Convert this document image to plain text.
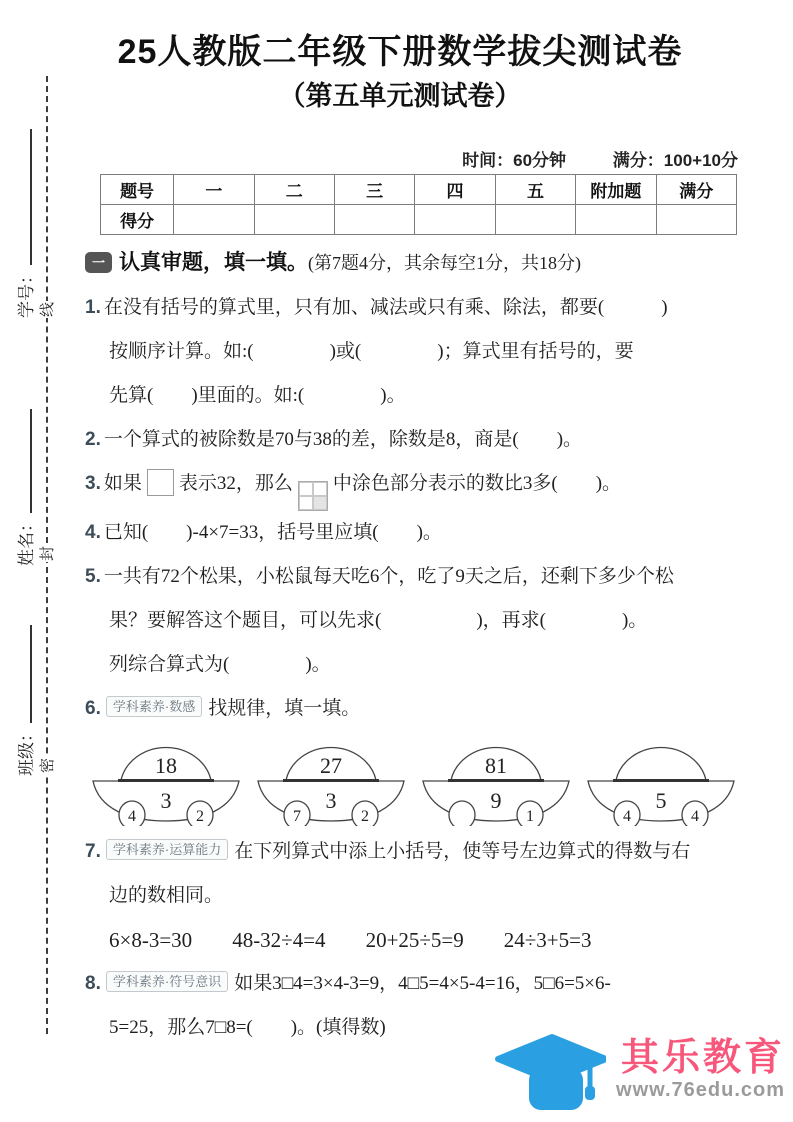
25人教版二年级下册数学拔尖测试卷
（第五单元测试卷）
时间：60分钟	满分：100+10分
题号	一	二	三	四	五	附加题	满分
得分							
线
封
密
学号：
姓名：
班级：
一 认真审题，填一填。(第7题4分，其余每空1分，共18分)
1. 在没有括号的算式里，只有加、减法或只有乘、除法，都要(　　　)
按顺序计算。如:(　　　　)或(　　　　)；算式里有括号的，要
先算(　　)里面的。如:(　　　　)。
2. 一个算式的被除数是70与38的差，除数是8，商是(　　)。
3. 如果 表示32，那么 中涂色部分表示的数比3多(　　)。
4. 已知(　　)-4×7=33，括号里应填(　　)。
5. 一共有72个松果，小松鼠每天吃6个，吃了9天之后，还剩下多少个松
果？要解答这个题目，可以先求(　　　　　)，再求(　　　　)。
列综合算式为(　　　　)。
6. 学科素养·数感 找规律，填一填。
18
3
4	2
27
3
7	2
81
9
1
5
4	4
7. 学科素养·运算能力 在下列算式中添上小括号，使等号左边算式的得数与右
边的数相同。
6×8-3=30 48-32÷4=4 20+25÷5=9 24÷3+5=3
8. 学科素养·符号意识 如果3□4=3×4-3=9，4□5=4×5-4=16，5□6=5×6-
5=25，那么7□8=(　　)。(填得数)
其乐教育
www.76edu.com
